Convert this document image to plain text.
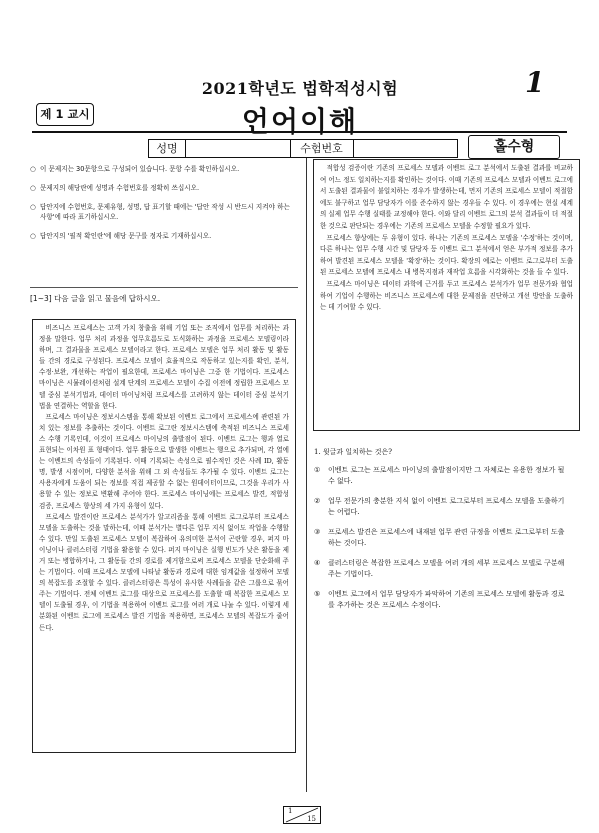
2021학년도 법학적성시험	1
제 1 교시	언어이해
성명	수험번호	홀수형
○ 이 문제지는 30문항으로 구성되어 있습니다. 문항 수를 확인하십시오.
○ 문제지의 해당란에 성명과 수험번호를 정확히 쓰십시오.
○ 답안지에 수험번호, 문제유형, 성명, 답 표기할 때에는 '답안 작성 시 반드시 지켜야 하는 사항'에 따라 표기하십시오.
○ 답안지의 '필적 확인란'에 해당 문구를 정자로 기재하십시오.
[1~3] 다음 글을 읽고 물음에 답하시오.

비즈니스 프로세스는 고객 가치 창출을 위해 기업 또는 조직에서 업무를 처리하는 과정을 말한다. 업무 처리 과정을 업무흐름도로 도식화하는 과정을 프로세스 모델링이라 하며, 그 결과물을 프로세스 모델이라고 한다. 프로세스 모델은 업무 처리 활동 및 활동들 간의 경로로 구성된다. 프로세스 모델이 효율적으로 작동하고 있는지를 확인, 분석, 수정·보완, 개선하는 작업이 필요한데, 프로세스 마이닝은 그중 한 기법이다. 프로세스 마이닝은 시뮬레이션처럼 설계 단계의 프로세스 모델이 수집 이전에 정립한 프로세스 모델 중심 분석기법과, 데이터 마이닝처럼 프로세스를 고려하지 않는 데이터 중심 분석기법을 연결하는 역할을 한다.

프로세스 마이닝은 정보시스템을 통해 확보된 이벤트 로그에서 프로세스에 관련된 가치 있는 정보를 추출하는 것이다. 이벤트 로그란 정보시스템에 축적된 비즈니스 프로세스 수행 기록인데, 이것이 프로세스 마이닝의 출발점이 된다. 이벤트 로그는 행과 열로 표현되는 이차원 표 형태이다. 업무 활동으로 발생한 이벤트는 행으로 추가되며, 각 열에는 이벤트의 속성들이 기록된다. 이때 기록되는 속성으로 필수적인 것은 사례 ID, 활동명, 발생 시점이며, 다양한 분석을 위해 그 외 속성들도 추가될 수 있다. 이벤트 로그는 사용자에게 도움이 되는 정보를 직접 제공할 수 없는 원데이터이므로, 그것을 우리가 사용할 수 있는 정보로 변환해 주어야 한다. 프로세스 마이닝에는 프로세스 발견, 적합성 검증, 프로세스 향상의 세 가지 유형이 있다.

프로세스 발견이란 프로세스 분석가가 알고리즘을 통해 이벤트 로그로부터 프로세스 모델을 도출하는 것을 말하는데, 이때 분석가는 별다른 업무 지식 없이도 작업을 수행할 수 있다. 만일 도출된 프로세스 모델이 복잡하여 유의미한 분석이 곤란할 경우, 퍼지 마이닝이나 클러스터링 기법을 활용할 수 있다. 퍼지 마이닝은 실행 빈도가 낮은 활동을 제거 또는 병합하거나, 그 활동들 간의 경로를 제거함으로써 프로세스 모델을 단순화해 주는 기법이다. 이때 프로세스 모델에 나타날 활동과 경로에 대한 임계값을 설정하여 모델의 복잡도를 조절할 수 있다. 클러스터링은 특성이 유사한 사례들을 같은 그룹으로 묶어주는 기법이다. 전체 이벤트 로그를 대상으로 프로세스를 도출할 때 복잡한 프로세스 모델이 도출될 경우, 이 기법을 적용하여 이벤트 로그를 여러 개로 나눌 수 있다. 이렇게 세분화된 이벤트 로그에 프로세스 발견 기법을 적용하면, 프로세스 모델의 복잡도가 줄어든다.

적합성 검증이란 기존의 프로세스 모델과 이벤트 로그 분석에서 도출된 결과를 비교하여 어느 정도 일치하는지를 확인하는 것이다. 이때 기존의 프로세스 모델과 이벤트 로그에서 도출된 결과물이 불일치하는 경우가 발생하는데, 먼저 기존의 프로세스 모델이 적절함에도 불구하고 업무 담당자가 이를 준수하지 않는 경우들 수 있다. 이 경우에는 현실 세계의 실제 업무 수행 실태를 교정해야 한다. 이와 달리 이벤트 로그의 분석 결과들이 더 적절한 것으로 판단되는 경우에는 기존의 프로세스 모델을 수정할 필요가 있다.

프로세스 향상에는 두 유형이 있다. 하나는 기존의 프로세스 모델을 '수정'하는 것이며, 다른 하나는 업무 수행 시간 및 담당자 등 이벤트 로그 분석에서 얻은 부가적 정보를 추가하여 발견된 프로세스 모델을 '확장'하는 것이다. 확장의 예로는 이벤트 로그로부터 도출된 프로세스 모델에 프로세스 내 병목지점과 재작업 흐름을 시각화하는 것을 들 수 있다.

프로세스 마이닝은 데이터 과학에 근거를 두고 프로세스 분석가가 업무 전문가와 협업하여 기업이 수행하는 비즈니스 프로세스에 대한 문제점을 진단하고 개선 방안을 도출하는 데 기여할 수 있다.

1. 윗글과 일치하는 것은?
① 이벤트 로그는 프로세스 마이닝의 출발점이지만 그 자체로는 유용한 정보가 될 수 없다.
② 업무 전문가의 충분한 지식 없이 이벤트 로그로부터 프로세스 모델을 도출하기는 어렵다.
③ 프로세스 발견은 프로세스에 내재된 업무 관련 규정을 이벤트 로그로부터 도출하는 것이다.
④ 클러스터링은 복잡한 프로세스 모델을 여러 개의 세부 프로세스 모델로 구분해 주는 기법이다.
⑤ 이벤트 로그에서 업무 담당자가 파악하여 기존의 프로세스 모델에 활동과 경로를 추가하는 것은 프로세스 수정이다.
1
15
